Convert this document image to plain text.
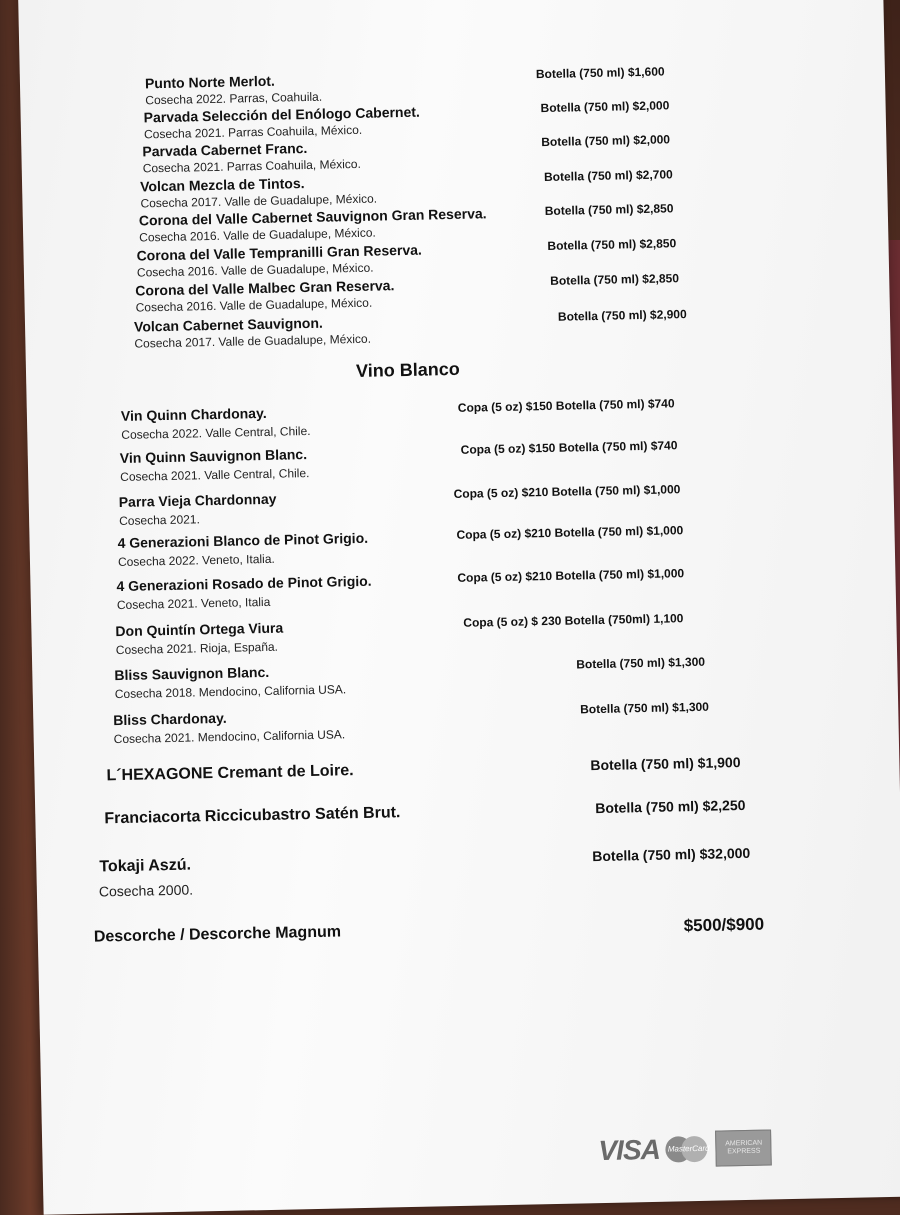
Punto Norte Merlot.
Cosecha 2022. Parras, Coahuila.
Botella (750 ml) $1,600
Parvada Selección del Enólogo Cabernet.
Cosecha 2021. Parras Coahuila, México.
Botella (750 ml) $2,000
Parvada Cabernet Franc.
Cosecha 2021. Parras Coahuila, México.
Botella (750 ml) $2,000
Volcan Mezcla de Tintos.
Cosecha 2017. Valle de Guadalupe, México.
Botella (750 ml) $2,700
Corona del Valle Cabernet Sauvignon Gran Reserva.
Cosecha 2016. Valle de Guadalupe, México.
Botella (750 ml) $2,850
Corona del Valle Tempranilli Gran Reserva.
Cosecha 2016. Valle de Guadalupe, México.
Botella (750 ml) $2,850
Corona del Valle Malbec Gran Reserva.
Cosecha 2016. Valle de Guadalupe, México.
Botella (750 ml) $2,850
Volcan Cabernet Sauvignon.
Cosecha 2017. Valle de Guadalupe, México.
Botella (750 ml) $2,900
Vino Blanco
Vin Quinn Chardonay.
Cosecha 2022. Valle Central, Chile.
Copa (5 oz) $150 Botella (750 ml) $740
Vin Quinn Sauvignon Blanc.
Cosecha 2021. Valle Central, Chile.
Copa (5 oz) $150 Botella (750 ml) $740
Parra Vieja Chardonnay
Cosecha 2021.
Copa (5 oz) $210 Botella (750 ml) $1,000
4 Generazioni Blanco de Pinot Grigio.
Cosecha 2022. Veneto, Italia.
Copa (5 oz) $210 Botella (750 ml) $1,000
4 Generazioni Rosado de Pinot Grigio.
Cosecha 2021. Veneto, Italia
Copa (5 oz) $210 Botella (750 ml) $1,000
Don Quintín Ortega Viura
Cosecha 2021. Rioja, España.
Copa (5 oz) $ 230 Botella (750ml) 1,100
Bliss Sauvignon Blanc.
Cosecha 2018. Mendocino, California USA.
Botella (750 ml) $1,300
Bliss Chardonay.
Cosecha 2021. Mendocino, California USA.
Botella (750 ml) $1,300
L´HEXAGONE Cremant de Loire.	Botella (750 ml) $1,900
Franciacorta Riccicubastro Satén Brut.	Botella (750 ml) $2,250
Tokaji Aszú.
Cosecha 2000.
Botella (750 ml) $32,000
Descorche / Descorche Magnum	$500/$900
VISA MasterCard	AMERICAN EXPRESS
